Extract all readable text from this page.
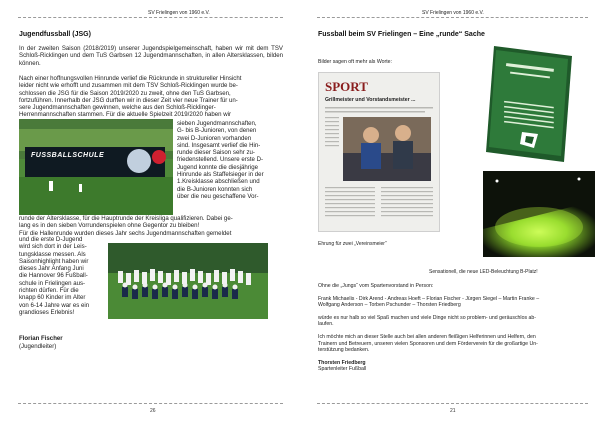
SV Frielingen von 1960 e.V.
Jugendfussball (JSG)
In der zweiten Saison (2018/2019) unserer Jugendspielgemeinschaft, haben wir mit dem TSV Schloß-Ricklingen und dem TuS Garbsen 12 Jugendmannschaften, in allen Altersklassen, bilden können.
Nach einer hoffnungsvollen Hinrunde verlief die Rückrunde in struktureller Hinsicht
leider nicht wie erhofft und zusammen mit dem TSV Schloß-Ricklingen wurde be-
schlossen die JSG für die Saison 2019/2020 zu zweit, ohne den TuS Garbsen,
fortzuführen. Innerhalb der JSG durften wir in dieser Zeit vier neue Trainer für un-
sere Jugendmannschaften gewinnen, welche aus den Schloß-Ricklinger-
Herrenmannschaften stammen. Für die aktuelle Spielzeit 2019/2020 haben wir
FUSSBALLSCHULE
sieben Jugendmannschaften,
G- bis B-Junioren, von denen
zwei D-Junioren vorhanden
sind. Insgesamt verlief die Hin-
runde dieser Saison sehr zu-
friedenstellend. Unsere erste D-
Jugend konnte die diesjährige
Hinrunde als Staffelsieger in der
1.Kreisklasse abschließen und
die B-Junioren konnten sich
über die neu geschaffene Vor-
runde der Altersklasse, für die Hauptrunde der Kreisliga qualifizieren. Dabei ge-
lang es in den sieben Vorrundenspielen ohne Gegentor zu bleiben!
Für die Hallenrunde wurden dieses Jahr sechs Jugendmannschaften gemeldet
und die erste D-Jugend
wird sich dort in der Leis-
tungsklasse messen. Als
Saisonhighlight haben wir
dieses Jahr Anfang Juni
die Hannover 96 Fußball-
schule in Frielingen aus-
richten dürfen. Für die
knapp 60 Kinder im Alter
von 6-14 Jahre war es ein
grandioses Erlebnis!
Florian Fischer
(Jugendleiter)
26
SV Frielingen von 1960 e.V.
Fussball beim SV Frielingen – Eine „runde“ Sache
Bilder sagen oft mehr als Worte:
SPORT
Grillmeister und Vorstandsmeister ...
Ehrung für zwei „Vereinsmeier“
Sensationell, die neue LED-Beleuchtung B-Platz!
Ohne die „Jungs“ vom Spartenvorstand in Person:
Frank Michaelis - Dirk Arend - Andreas Hoeft – Florian Fischer - Jürgen Siegel – Martin Franke –
Wolfgang Anderson – Torben Pschunder – Thorsten Friedberg
würde es nur halb so viel Spaß machen und viele Dinge nicht so problem- und geräuschlos ab-
laufen.
Ich möchte mich an dieser Stelle auch bei allen anderen fleißigen Helferinnen und Helfern, den
Trainern und Betreuern, unseren vielen Sponsoren und dem Förderverein für die großartige Un-
terstützung bedanken.
Thorsten Friedberg
Spartenleiter Fußball
21
